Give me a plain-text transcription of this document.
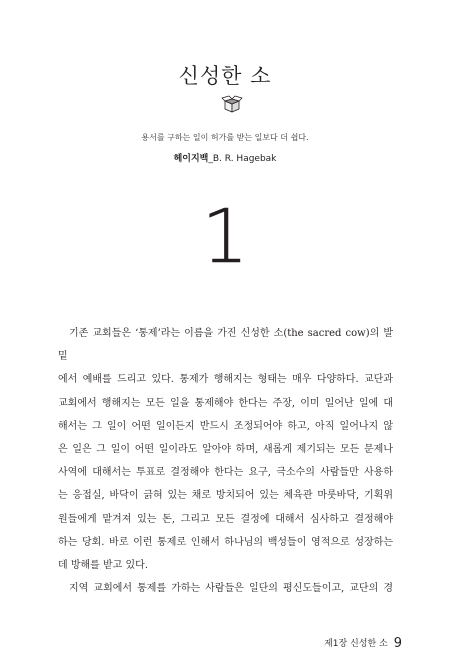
신성한 소
용서를 구하는 일이 허가를 받는 일보다 더 쉽다.
헤이지백_B. R. Hagebak
1

기존 교회들은 ‘통제’라는 이름을 가진 신성한 소(the sacred cow)의 발 밑

에서 예배를 드리고 있다. 통제가 행해지는 형태는 매우 다양하다. 교단과

교회에서 행해지는 모든 일을 통제해야 한다는 주장, 이미 일어난 일에 대

해서는 그 일이 어떤 일이든지 반드시 조정되어야 하고, 아직 일어나지 않

은 일은 그 일이 어떤 일이라도 알아야 하며, 새롭게 제기되는 모든 문제나

사역에 대해서는 투표로 결정해야 한다는 요구, 극소수의 사람들만 사용하

는 응접실, 바닥이 긁혀 있는 채로 방치되어 있는 체육관 마룻바닥, 기획위

원들에게 맡겨져 있는 돈, 그리고 모든 결정에 대해서 심사하고 결정해야

하는 당회. 바로 이런 통제로 인해서 하나님의 백성들이 영적으로 성장하는

데 방해를 받고 있다.

지역 교회에서 통제를 가하는 사람들은 일단의 평신도들이고, 교단의 경

제1장 신성한 소 9
